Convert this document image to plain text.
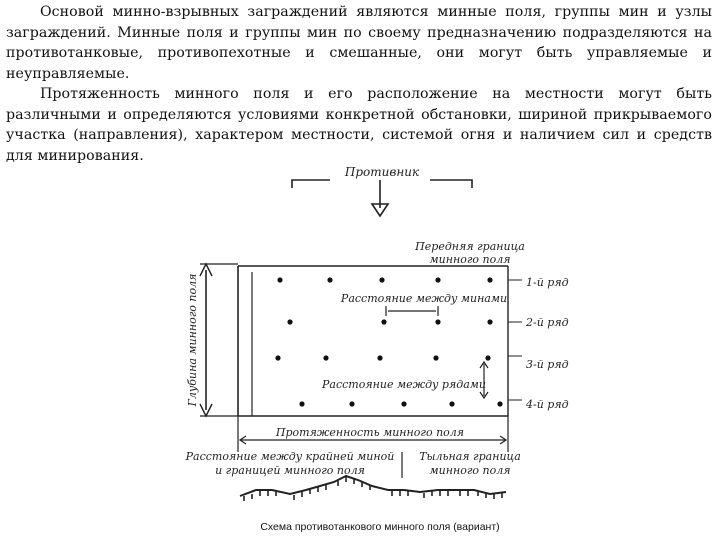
Основой минно-взрывных заграждений являются минные поля, группы мин и узлы заграждений. Минные поля и группы мин по своему предназначению подразделяются на противотанковые, противопехотные и смешанные, они могут быть управляемые и неуправляемые.

Протяженность минного поля и его расположение на местности могут быть различными и определяются условиями конкретной обстановки, шириной прикрываемого участка (направления), характером местности, системой огня и наличием сил и средств для минирования.

Противник
Передняя граница
минного поля
Глубина минного поля	1-й ряд
2-й ряд
3-й ряд
4-й ряд
Расстояние между минами
Расстояние между рядами
Протяженность минного поля
Расстояние между крайней миной
и границей минного поля
Тыльная граница
минного поля
Схема противотанкового минного поля (вариант)
